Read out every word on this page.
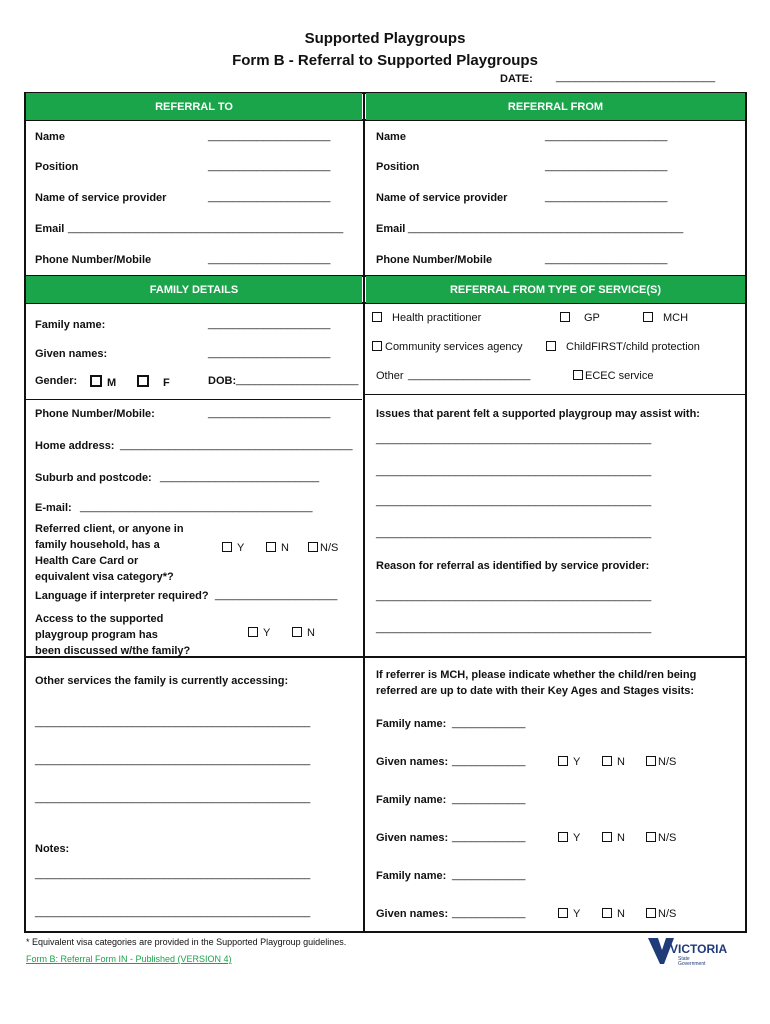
Supported Playgroups
Form B - Referral to Supported Playgroups
DATE: __________________________
REFERRAL TO	REFERRAL FROM
FAMILY DETAILS	REFERRAL FROM TYPE OF SERVICE(S)
Name	____________________
Position	____________________
Name of service provider	____________________
Email _____________________________________________
Phone Number/Mobile	____________________
Name	____________________
Position	____________________
Name of service provider	____________________
Email _____________________________________________
Phone Number/Mobile	____________________
Family name:	____________________
Given names:	____________________
Gender:	M	F	DOB: ____________________
Phone Number/Mobile:	____________________
Home address: ______________________________________
Suburb and postcode: __________________________
E-mail: ______________________________________
Referred client, or anyone in
family household, has a
Health Care Card or
equivalent visa category*?
Y	N	N/S
Language if interpreter required? ____________________
Access to the supported
playgroup program has
been discussed w/the family?
Y	N
Health practitioner	GP	MCH
Community services agency	ChildFIRST/child protection
Other ____________________	ECEC service
Issues that parent felt a supported playgroup may assist with:
_____________________________________________
_____________________________________________
_____________________________________________
_____________________________________________
Reason for referral as identified by service provider:
_____________________________________________
_____________________________________________
Other services the family is currently accessing:
_____________________________________________
_____________________________________________
_____________________________________________
Notes:
_____________________________________________
_____________________________________________
If referrer is MCH, please indicate whether the child/ren being
referred are up to date with their Key Ages and Stages visits:
Family name: ____________
Given names: ____________	Y	N	N/S
Family name: ____________
Given names: ____________	Y	N	N/S
Family name: ____________
Given names: ____________	Y	N	N/S
* Equivalent visa categories are provided in the Supported Playgroup guidelines.
Form B: Referral Form IN - Published (VERSION 4)
VICTORIA
State
Government
